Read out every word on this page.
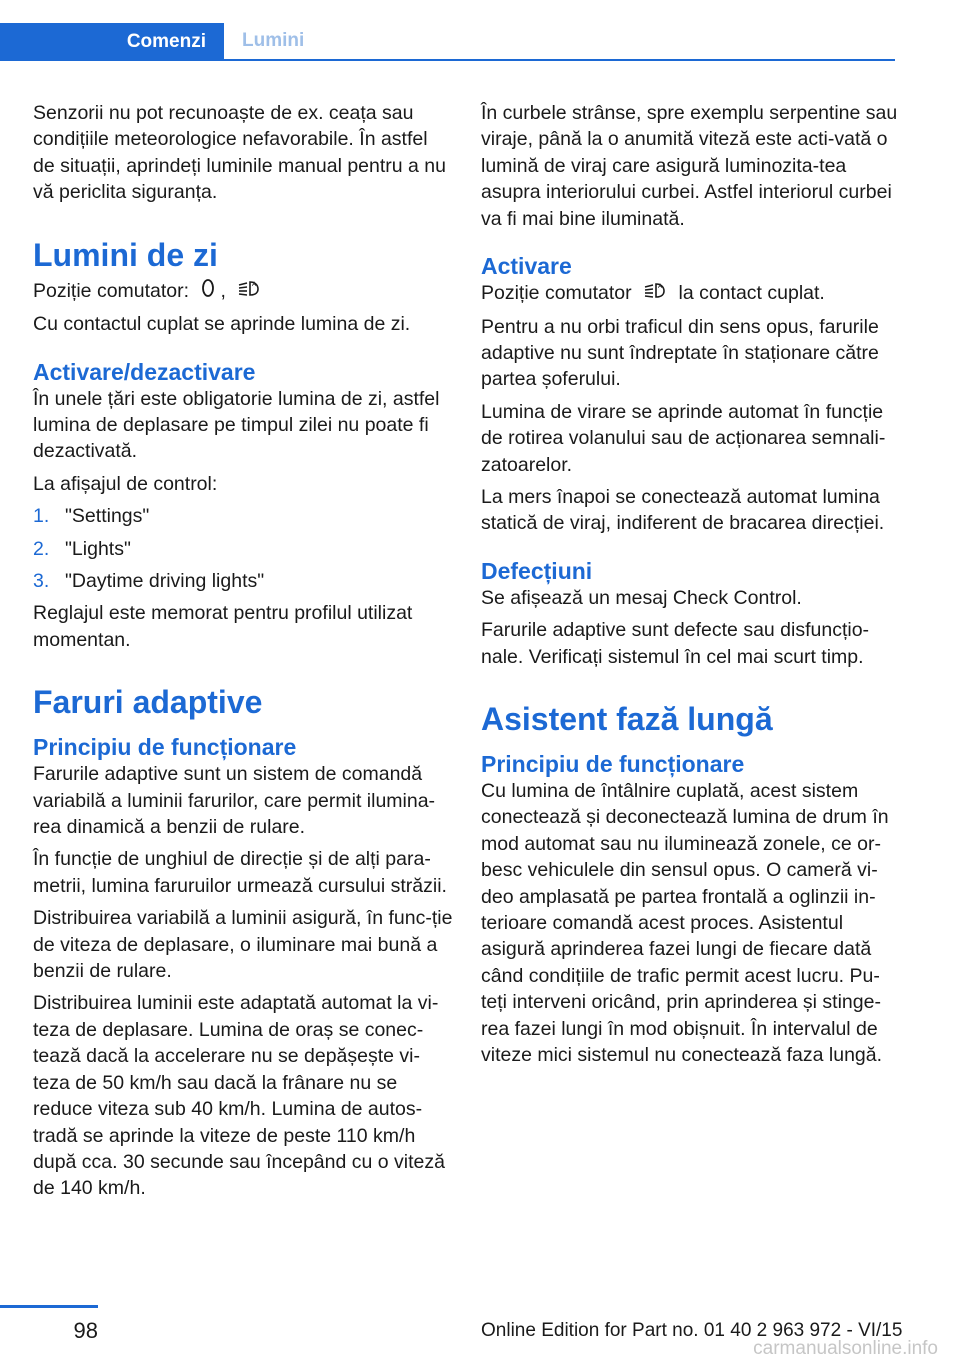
Comenzi	Lumini

Senzorii nu pot recunoaște de ex. ceața sau condițiile meteorologice nefavorabile. În astfel de situații, aprindeți luminile manual pentru a nu vă periclita siguranța.

Lumini de zi

Poziție comutator: ,	A

Cu contactul cuplat se aprinde lumina de zi.

Activare/dezactivare

În unele țări este obligatorie lumina de zi, astfel lumina de deplasare pe timpul zilei nu poate fi dezactivată.

La afișajul de control:

1. "Settings"
2. "Lights"
3. "Daytime driving lights"

Reglajul este memorat pentru profilul utilizat momentan.

Faruri adaptive
Principiu de funcționare

Farurile adaptive sunt un sistem de comandă variabilă a luminii farurilor, care permit ilumina‐rea dinamică a benzii de rulare.

În funcție de unghiul de direcție și de alți para‐metrii, lumina faruruilor urmează cursului străzii.

Distribuirea variabilă a luminii asigură, în func‐ție de viteza de deplasare, o iluminare mai bună a benzii de rulare.

Distribuirea luminii este adaptată automat la vi‐teza de deplasare. Lumina de oraș se conec‐tează dacă la accelerare nu se depășește vi‐teza de 50 km/h sau dacă la frânare nu se reduce viteza sub 40 km/h. Lumina de autos‐tradă se aprinde la viteze de peste 110 km/h după cca. 30 secunde sau începând cu o viteză de 140 km/h.

În curbele strânse, spre exemplu serpentine sau viraje, până la o anumită viteză este acti‐vată o lumină de viraj care asigură luminozita‐tea asupra interiorului curbei. Astfel interiorul curbei va fi mai bine iluminată.

Activare

Poziție comutator	A la contact cuplat.

Pentru a nu orbi traficul din sens opus, farurile adaptive nu sunt îndreptate în staționare către partea șoferului.

Lumina de virare se aprinde automat în funcție de rotirea volanului sau de acționarea semnali‐zatoarelor.

La mers înapoi se conectează automat lumina statică de viraj, indiferent de bracarea direcției.

Defecțiuni

Se afișează un mesaj Check Control.

Farurile adaptive sunt defecte sau disfuncțio‐nale. Verificați sistemul în cel mai scurt timp.

Asistent fază lungă
Principiu de funcționare

Cu lumina de întâlnire cuplată, acest sistem conectează și deconectează lumina de drum în mod automat sau nu iluminează zonele, ce or‐besc vehiculele din sensul opus. O cameră vi‐deo amplasată pe partea frontală a oglinzii in‐terioare comandă acest proces. Asistentul asigură aprinderea fazei lungi de fiecare dată când condițiile de trafic permit acest lucru. Pu‐teți interveni oricând, prin aprinderea și stinge‐rea fazei lungi în mod obișnuit. În intervalul de viteze mici sistemul nu conectează faza lungă.

98	Online Edition for Part no. 01 40 2 963 972 - VI/15
carmanualsonline.info
